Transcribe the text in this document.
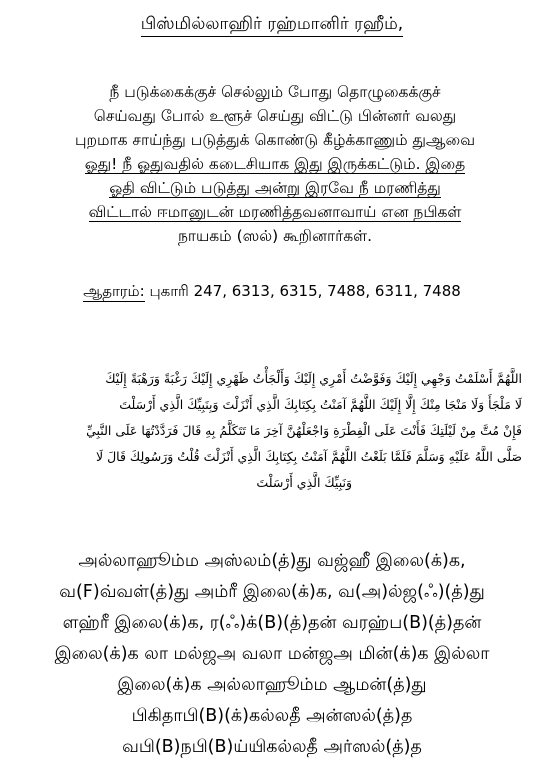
பிஸ்மில்லாஹிர் ரஹ்மானிர் ரஹீம்,
நீ படுக்கைக்குச் செல்லும் போது தொழுகைக்குச்
செய்வது போல் உளூச் செய்து விட்டு பின்னர் வலது
புறமாக சாய்ந்து படுத்துக் கொண்டு கீழ்க்காணும் துஆவை
ஓது! நீ ஓதுவதில் கடைசியாக இது இருக்கட்டும். இதை
ஓதி விட்டும் படுத்து அன்று இரவே நீ மரணித்து
விட்டால் ஈமானுடன் மரணித்தவனாவாய் என நபிகள்
நாயகம் (ஸல்) கூறினார்கள்.
ஆதாரம்: புகாரி 247, 6313, 6315, 7488, 6311, 7488
اللَّهُمَّ أَسْلَمْتُ وَجْهِي إِلَيْكَ وَفَوَّضْتُ أَمْرِي إِلَيْكَ وَأَلْجَأْتُ ظَهْرِي إِلَيْكَ رَغْبَةً وَرَهْبَةً إِلَيْكَ
لَا مَلْجَأَ وَلَا مَنْجَا مِنْكَ إِلَّا إِلَيْكَ اللَّهُمَّ آمَنْتُ بِكِتَابِكَ الَّذِي أَنْزَلْتَ وَبِنَبِيِّكَ الَّذِي أَرْسَلْتَ
فَإِنْ مُتَّ مِنْ لَيْلَتِكَ فَأَنْتَ عَلَى الْفِطْرَةِ وَاجْعَلْهُنَّ آخِرَ مَا تَتَكَلَّمُ بِهِ قَالَ فَرَدَّدْتُهَا عَلَى النَّبِيِّ
صَلَّى اللَّهُ عَلَيْهِ وَسَلَّمَ فَلَمَّا بَلَغْتُ اللَّهُمَّ آمَنْتُ بِكِتَابِكَ الَّذِي أَنْزَلْتَ قُلْتُ وَرَسُولِكَ قَالَ لَا
وَنَبِيِّكَ الَّذِي أَرْسَلْتَ
அல்லாஹூம்ம அஸ்லம்(த்)து வஜ்ஹீ இலை(க்)க,
வ(F)வ்வள்(த்)து அம்ரீ இலை(க்)க, வ(அ)ல்ஜ(ஃ)(த்)து
ளஹ்ரீ இலை(க்)க, ர(ஃ)க்(B)(த்)தன் வரஹ்ப(B)(த்)தன்
இலை(க்)க லா மல்ஜஅ வலா மன்ஜஅ மின்(க்)க இல்லா
இலை(க்)க அல்லாஹூம்ம ஆமன்(த்)து
பிகிதாபி(B)(க்)கல்லதீ அன்ஸல்(த்)த
வபி(B)நபி(B)ய்யிகல்லதீ அர்ஸல்(த்)த
